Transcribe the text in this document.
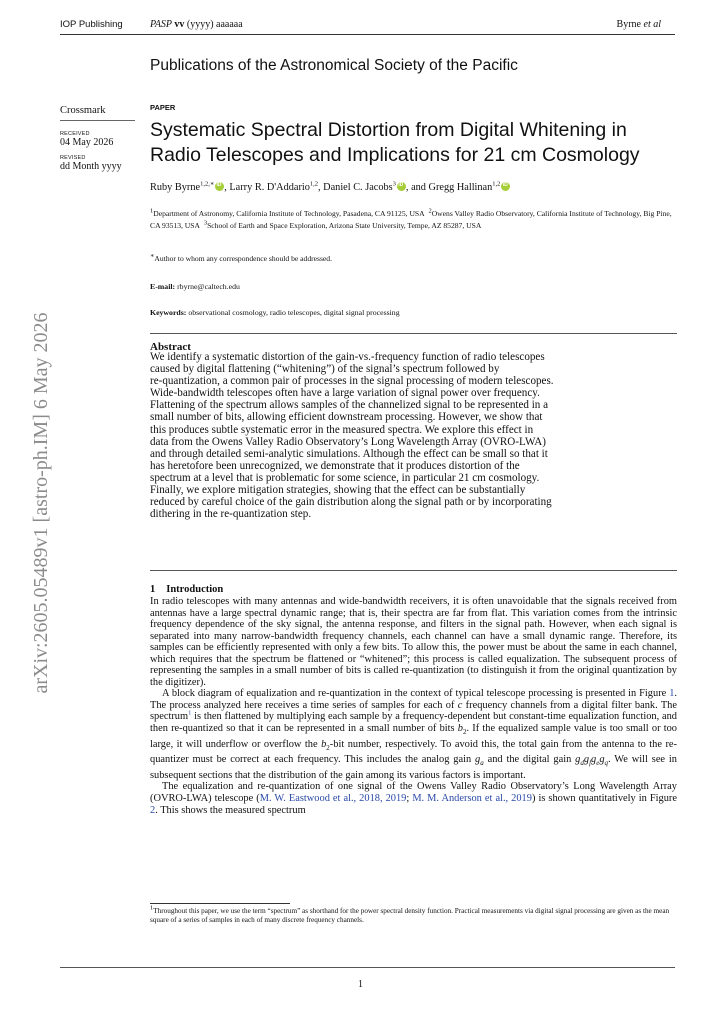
IOP Publishing	PASP vv (yyyy) aaaaaa	Byrne et al
Publications of the Astronomical Society of the Pacific
Crossmark
RECEIVED
04 May 2026
REVISED
dd Month yyyy
arXiv:2605.05489v1 [astro-ph.IM] 6 May 2026
PAPER
Systematic Spectral Distortion from Digital Whitening in Radio Telescopes and Implications for 21 cm Cosmology
Ruby Byrne$^{1,2,∗}$ iD , Larry R. D'Addario$^{1,2}$, Daniel C. Jacobs$^3$ iD , and Gregg Hallinan$^{1,2}$iD
$^1$Department of Astronomy, California Institute of Technology, Pasadena, CA 91125, USA $^2$Owens Valley Radio Observatory, California Institute of Technology, Big Pine, CA 93513, USA $^3$School of Earth and Space Exploration, Arizona State University, Tempe, AZ 85287, USA
∗Author to whom any correspondence should be addressed.
E-mail: rbyrne@caltech.edu
Keywords: observational cosmology, radio telescopes, digital signal processing
Abstract
We identify a systematic distortion of the gain-vs.-frequency function of radio telescopes
caused by digital flattening (“whitening”) of the signal’s spectrum followed by
re-quantization, a common pair of processes in the signal processing of modern telescopes.
Wide-bandwidth telescopes often have a large variation of signal power over frequency.
Flattening of the spectrum allows samples of the channelized signal to be represented in a
small number of bits, allowing efficient downstream processing. However, we show that
this produces subtle systematic error in the measured spectra. We explore this effect in
data from the Owens Valley Radio Observatory’s Long Wavelength Array (OVRO-LWA)
and through detailed semi-analytic simulations. Although the effect can be small so that it
has heretofore been unrecognized, we demonstrate that it produces distortion of the
spectrum at a level that is problematic for some science, in particular 21 cm cosmology.
Finally, we explore mitigation strategies, showing that the effect can be substantially
reduced by careful choice of the gain distribution along the signal path or by incorporating
dithering in the re-quantization step.
1 Introduction

In radio telescopes with many antennas and wide-bandwidth receivers, it is often unavoidable that the signals received from antennas have a large spectral dynamic range; that is, their spectra are far from flat. This variation comes from the intrinsic frequency dependence of the sky signal, the antenna response, and filters in the signal path. However, when each signal is separated into many narrow-bandwidth frequency channels, each channel can have a small dynamic range. Therefore, its samples can be efficiently represented with only a few bits. To allow this, the power must be about the same in each channel, which requires that the spectrum be flattened or “whitened”; this process is called equalization. The subsequent process of representing the samples in a small number of bits is called re-quantization (to distinguish it from the original quantization by the digitizer).

A block diagram of equalization and re-quantization in the context of typical telescope processing is presented in Figure 1. The process analyzed here receives a time series of samples for each of c frequency channels from a digital filter bank. The spectrum$^1$ is then flattened by multiplying each sample by a frequency-dependent but constant-time equalization function, and then re-quantized so that it can be represented in a small number of bits $b_2$. If the equalized sample value is too small or too large, it will underflow or overflow the $b_2$-bit number, respectively. To avoid this, the total gain from the antenna to the re-quantizer must be correct at each frequency. This includes the analog gain $g_a$ and the digital gain $g_dg_fg_eg_q$. We will see in subsequent sections that the distribution of the gain among its various factors is important.

The equalization and re-quantization of one signal of the Owens Valley Radio Observatory’s Long Wavelength Array (OVRO-LWA) telescope (M. W. Eastwood et al., 2018, 2019; M. M. Anderson et al., 2019) is shown quantitatively in Figure 2. This shows the measured spectrum

$^1$Throughout this paper, we use the term “spectrum” as shorthand for the power spectral density function. Practical measurements via digital signal processing are given as the mean square of a series of samples in each of many discrete frequency channels.
1
